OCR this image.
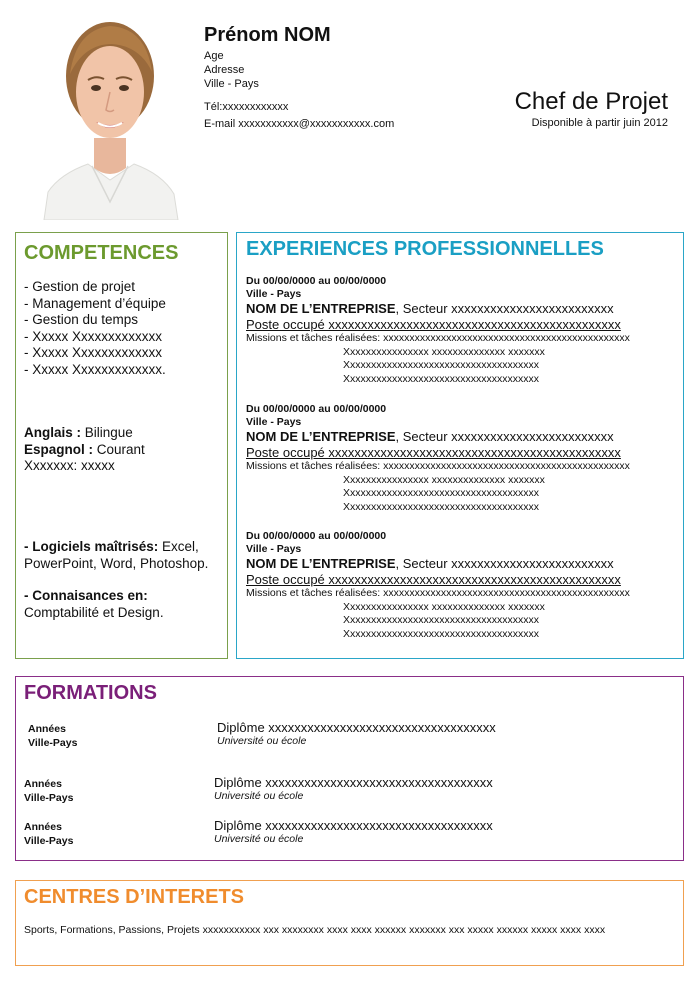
Prénom NOM
Age
Adresse
Ville - Pays
Tél:xxxxxxxxxxxx
E-mail xxxxxxxxxxx@xxxxxxxxxxx.com
Chef de Projet
Disponible à partir juin 2012
COMPETENCES
- Gestion de projet
- Management d’équipe
- Gestion du temps
- Xxxxx Xxxxxxxxxxxxx
- Xxxxx Xxxxxxxxxxxxx
- Xxxxx Xxxxxxxxxxxxx.
Anglais : Bilingue
Espagnol : Courant
Xxxxxxx: xxxxx
- Logiciels maîtrisés: Excel,
PowerPoint, Word, Photoshop.
- Connaisances en:
Comptabilité et Design.
EXPERIENCES PROFESSIONNELLES
Du 00/00/0000 au 00/00/0000
Ville - Pays
NOM DE L’ENTREPRISE, Secteur xxxxxxxxxxxxxxxxxxxxxxxxx
Poste occupé xxxxxxxxxxxxxxxxxxxxxxxxxxxxxxxxxxxxxxxxxxxxx
Missions et tâches réalisées: xxxxxxxxxxxxxxxxxxxxxxxxxxxxxxxxxxxxxxxxxxxxxxx
Xxxxxxxxxxxxxxxx xxxxxxxxxxxxxx xxxxxxx
Xxxxxxxxxxxxxxxxxxxxxxxxxxxxxxxxxxxxx
Xxxxxxxxxxxxxxxxxxxxxxxxxxxxxxxxxxxxx
Du 00/00/0000 au 00/00/0000
Ville - Pays
NOM DE L’ENTREPRISE, Secteur xxxxxxxxxxxxxxxxxxxxxxxxx
Poste occupé xxxxxxxxxxxxxxxxxxxxxxxxxxxxxxxxxxxxxxxxxxxxx
Missions et tâches réalisées: xxxxxxxxxxxxxxxxxxxxxxxxxxxxxxxxxxxxxxxxxxxxxxx
Xxxxxxxxxxxxxxxx xxxxxxxxxxxxxx xxxxxxx
Xxxxxxxxxxxxxxxxxxxxxxxxxxxxxxxxxxxxx
Xxxxxxxxxxxxxxxxxxxxxxxxxxxxxxxxxxxxx
Du 00/00/0000 au 00/00/0000
Ville - Pays
NOM DE L’ENTREPRISE, Secteur xxxxxxxxxxxxxxxxxxxxxxxxx
Poste occupé xxxxxxxxxxxxxxxxxxxxxxxxxxxxxxxxxxxxxxxxxxxxx
Missions et tâches réalisées: xxxxxxxxxxxxxxxxxxxxxxxxxxxxxxxxxxxxxxxxxxxxxxx
Xxxxxxxxxxxxxxxx xxxxxxxxxxxxxx xxxxxxx
Xxxxxxxxxxxxxxxxxxxxxxxxxxxxxxxxxxxxx
Xxxxxxxxxxxxxxxxxxxxxxxxxxxxxxxxxxxxx
FORMATIONS
Années
Ville-Pays
Diplôme xxxxxxxxxxxxxxxxxxxxxxxxxxxxxxxxxxx
Université ou école
Années
Ville-Pays
Diplôme xxxxxxxxxxxxxxxxxxxxxxxxxxxxxxxxxxx
Université ou école
Années
Ville-Pays
Diplôme xxxxxxxxxxxxxxxxxxxxxxxxxxxxxxxxxxx
Université ou école
CENTRES D’INTERETS
Sports, Formations, Passions, Projets xxxxxxxxxxx xxx xxxxxxxx xxxx xxxx xxxxxx xxxxxxx xxx xxxxx xxxxxx xxxxx xxxx xxxx
